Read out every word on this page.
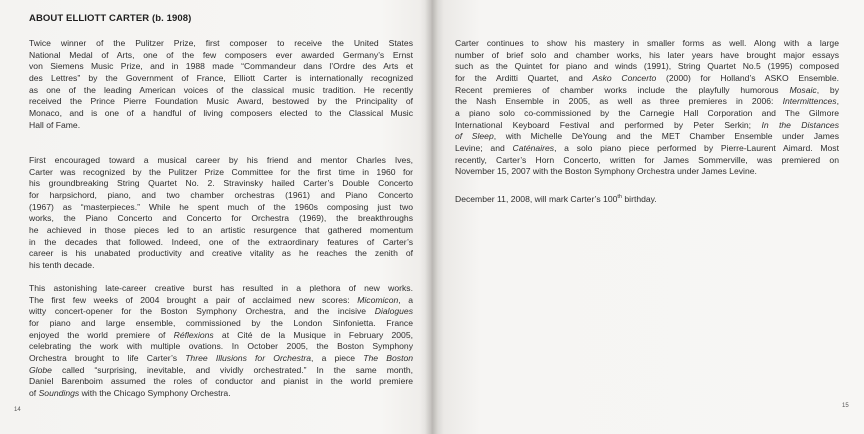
ABOUT ELLIOTT CARTER (b. 1908)
Twice winner of the Pulitzer Prize, first composer to receive the United States
National Medal of Arts, one of the few composers ever awarded Germany’s Ernst
von Siemens Music Prize, and in 1988 made “Commandeur dans l’Ordre des Arts et
des Lettres” by the Government of France, Elliott Carter is internationally recognized
as one of the leading American voices of the classical music tradition. He recently
received the Prince Pierre Foundation Music Award, bestowed by the Principality of
Monaco, and is one of a handful of living composers elected to the Classical Music
Hall of Fame.
First encouraged toward a musical career by his friend and mentor Charles Ives,
Carter was recognized by the Pulitzer Prize Committee for the first time in 1960 for
his groundbreaking String Quartet No. 2. Stravinsky hailed Carter’s Double Concerto
for harpsichord, piano, and two chamber orchestras (1961) and Piano Concerto
(1967) as “masterpieces.” While he spent much of the 1960s composing just two
works, the Piano Concerto and Concerto for Orchestra (1969), the breakthroughs
he achieved in those pieces led to an artistic resurgence that gathered momentum
in the decades that followed. Indeed, one of the extraordinary features of Carter’s
career is his unabated productivity and creative vitality as he reaches the zenith of
his tenth decade.
This astonishing late-career creative burst has resulted in a plethora of new works.
The first few weeks of 2004 brought a pair of acclaimed new scores: Micomicon, a
witty concert-opener for the Boston Symphony Orchestra, and the incisive Dialogues
for piano and large ensemble, commissioned by the London Sinfonietta. France
enjoyed the world premiere of Réflexions at Cité de la Musique in February 2005,
celebrating the work with multiple ovations. In October 2005, the Boston Symphony
Orchestra brought to life Carter’s Three Illusions for Orchestra, a piece The Boston
Globe called “surprising, inevitable, and vividly orchestrated.” In the same month,
Daniel Barenboim assumed the roles of conductor and pianist in the world premiere
of Soundings with the Chicago Symphony Orchestra.
14
Carter continues to show his mastery in smaller forms as well. Along with a large
number of brief solo and chamber works, his later years have brought major essays
such as the Quintet for piano and winds (1991), String Quartet No.5 (1995) composed
for the Arditti Quartet, and Asko Concerto (2000) for Holland’s ASKO Ensemble.
Recent premieres of chamber works include the playfully humorous Mosaic, by
the Nash Ensemble in 2005, as well as three premieres in 2006: Intermittences,
a piano solo co-commissioned by the Carnegie Hall Corporation and The Gilmore
International Keyboard Festival and performed by Peter Serkin; In the Distances
of Sleep, with Michelle DeYoung and the MET Chamber Ensemble under James
Levine; and Caténaires, a solo piano piece performed by Pierre-Laurent Aimard. Most
recently, Carter’s Horn Concerto, written for James Sommerville, was premiered on
November 15, 2007 with the Boston Symphony Orchestra under James Levine.
December 11, 2008, will mark Carter’s 100th birthday.
15
